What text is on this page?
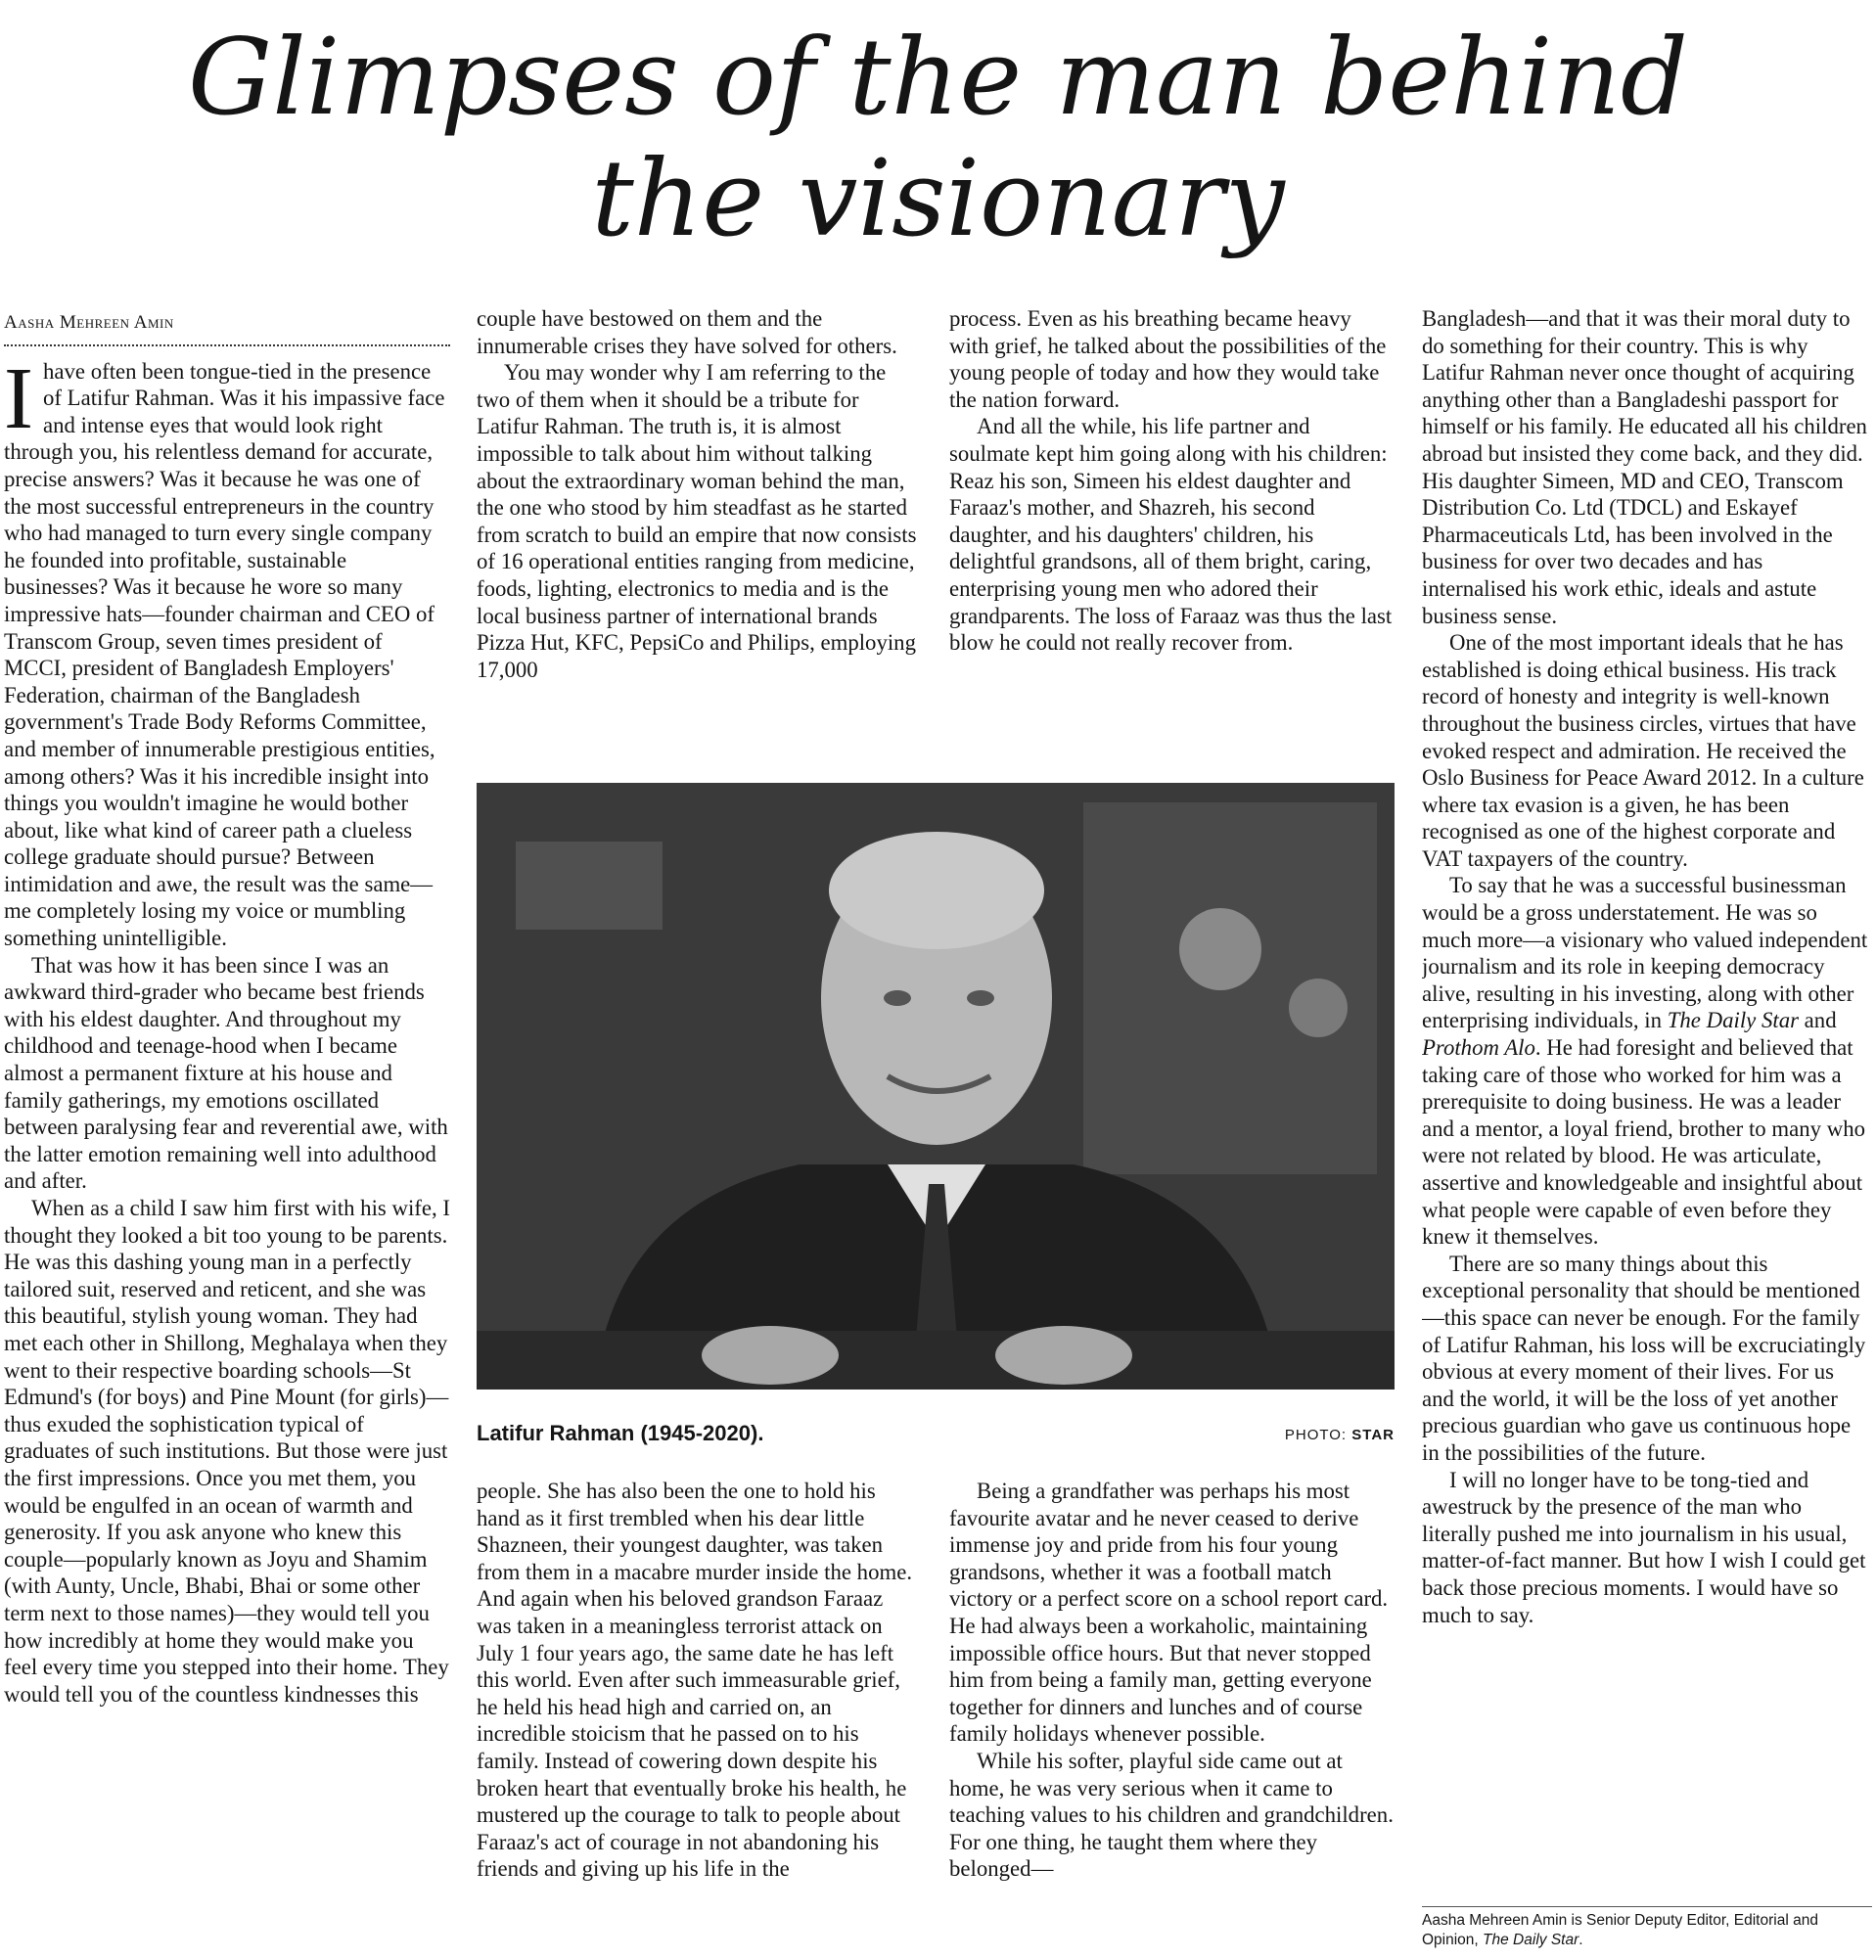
Glimpses of the man behind
the visionary
Aasha Mehreen Amin

Ihave often been tongue-tied in the presence of Latifur Rahman. Was it his impassive face and intense eyes that would look right through you, his relentless demand for accurate, precise answers? Was it because he was one of the most successful entrepreneurs in the country who had managed to turn every single company he founded into profitable, sustainable businesses? Was it because he wore so many impressive hats—founder chairman and CEO of Transcom Group, seven times president of MCCI, president of Bangladesh Employers' Federation, chairman of the Bangladesh government's Trade Body Reforms Committee, and member of innumerable prestigious entities, among others? Was it his incredible insight into things you wouldn't imagine he would bother about, like what kind of career path a clueless college graduate should pursue? Between intimidation and awe, the result was the same—me completely losing my voice or mumbling something unintelligible.

That was how it has been since I was an awkward third-grader who became best friends with his eldest daughter. And throughout my childhood and teenage-hood when I became almost a permanent fixture at his house and family gatherings, my emotions oscillated between paralysing fear and reverential awe, with the latter emotion remaining well into adulthood and after.

When as a child I saw him first with his wife, I thought they looked a bit too young to be parents. He was this dashing young man in a perfectly tailored suit, reserved and reticent, and she was this beautiful, stylish young woman. They had met each other in Shillong, Meghalaya when they went to their respective boarding schools—St Edmund's (for boys) and Pine Mount (for girls)—thus exuded the sophistication typical of graduates of such institutions. But those were just the first impressions. Once you met them, you would be engulfed in an ocean of warmth and generosity. If you ask anyone who knew this couple—popularly known as Joyu and Shamim (with Aunty, Uncle, Bhabi, Bhai or some other term next to those names)—they would tell you how incredibly at home they would make you feel every time you stepped into their home. They would tell you of the countless kindnesses this

couple have bestowed on them and the innumerable crises they have solved for others.

You may wonder why I am referring to the two of them when it should be a tribute for Latifur Rahman. The truth is, it is almost impossible to talk about him without talking about the extraordinary woman behind the man, the one who stood by him steadfast as he started from scratch to build an empire that now consists of 16 operational entities ranging from medicine, foods, lighting, electronics to media and is the local business partner of international brands Pizza Hut, KFC, PepsiCo and Philips, employing 17,000

process. Even as his breathing became heavy with grief, he talked about the possibilities of the young people of today and how they would take the nation forward.

And all the while, his life partner and soulmate kept him going along with his children: Reaz his son, Simeen his eldest daughter and Faraaz's mother, and Shazreh, his second daughter, and his daughters' children, his delightful grandsons, all of them bright, caring, enterprising young men who adored their grandparents. The loss of Faraaz was thus the last blow he could not really recover from.

Latifur Rahman (1945-2020).	PHOTO: STAR

people. She has also been the one to hold his hand as it first trembled when his dear little Shazneen, their youngest daughter, was taken from them in a macabre murder inside the home. And again when his beloved grandson Faraaz was taken in a meaningless terrorist attack on July 1 four years ago, the same date he has left this world. Even after such immeasurable grief, he held his head high and carried on, an incredible stoicism that he passed on to his family. Instead of cowering down despite his broken heart that eventually broke his health, he mustered up the courage to talk to people about Faraaz's act of courage in not abandoning his friends and giving up his life in the

Being a grandfather was perhaps his most favourite avatar and he never ceased to derive immense joy and pride from his four young grandsons, whether it was a football match victory or a perfect score on a school report card. He had always been a workaholic, maintaining impossible office hours. But that never stopped him from being a family man, getting everyone together for dinners and lunches and of course family holidays whenever possible.

While his softer, playful side came out at home, he was very serious when it came to teaching values to his children and grandchildren. For one thing, he taught them where they belonged—

Bangladesh—and that it was their moral duty to do something for their country. This is why Latifur Rahman never once thought of acquiring anything other than a Bangladeshi passport for himself or his family. He educated all his children abroad but insisted they come back, and they did. His daughter Simeen, MD and CEO, Transcom Distribution Co. Ltd (TDCL) and Eskayef Pharmaceuticals Ltd, has been involved in the business for over two decades and has internalised his work ethic, ideals and astute business sense.

One of the most important ideals that he has established is doing ethical business. His track record of honesty and integrity is well-known throughout the business circles, virtues that have evoked respect and admiration. He received the Oslo Business for Peace Award 2012. In a culture where tax evasion is a given, he has been recognised as one of the highest corporate and VAT taxpayers of the country.

To say that he was a successful businessman would be a gross understatement. He was so much more—a visionary who valued independent journalism and its role in keeping democracy alive, resulting in his investing, along with other enterprising individuals, in The Daily Star and Prothom Alo. He had foresight and believed that taking care of those who worked for him was a prerequisite to doing business. He was a leader and a mentor, a loyal friend, brother to many who were not related by blood. He was articulate, assertive and knowledgeable and insightful about what people were capable of even before they knew it themselves.

There are so many things about this exceptional personality that should be mentioned—this space can never be enough. For the family of Latifur Rahman, his loss will be excruciatingly obvious at every moment of their lives. For us and the world, it will be the loss of yet another precious guardian who gave us continuous hope in the possibilities of the future.

I will no longer have to be tong-tied and awestruck by the presence of the man who literally pushed me into journalism in his usual, matter-of-fact manner. But how I wish I could get back those precious moments. I would have so much to say.

Aasha Mehreen Amin is Senior Deputy Editor, Editorial and Opinion, The Daily Star.
